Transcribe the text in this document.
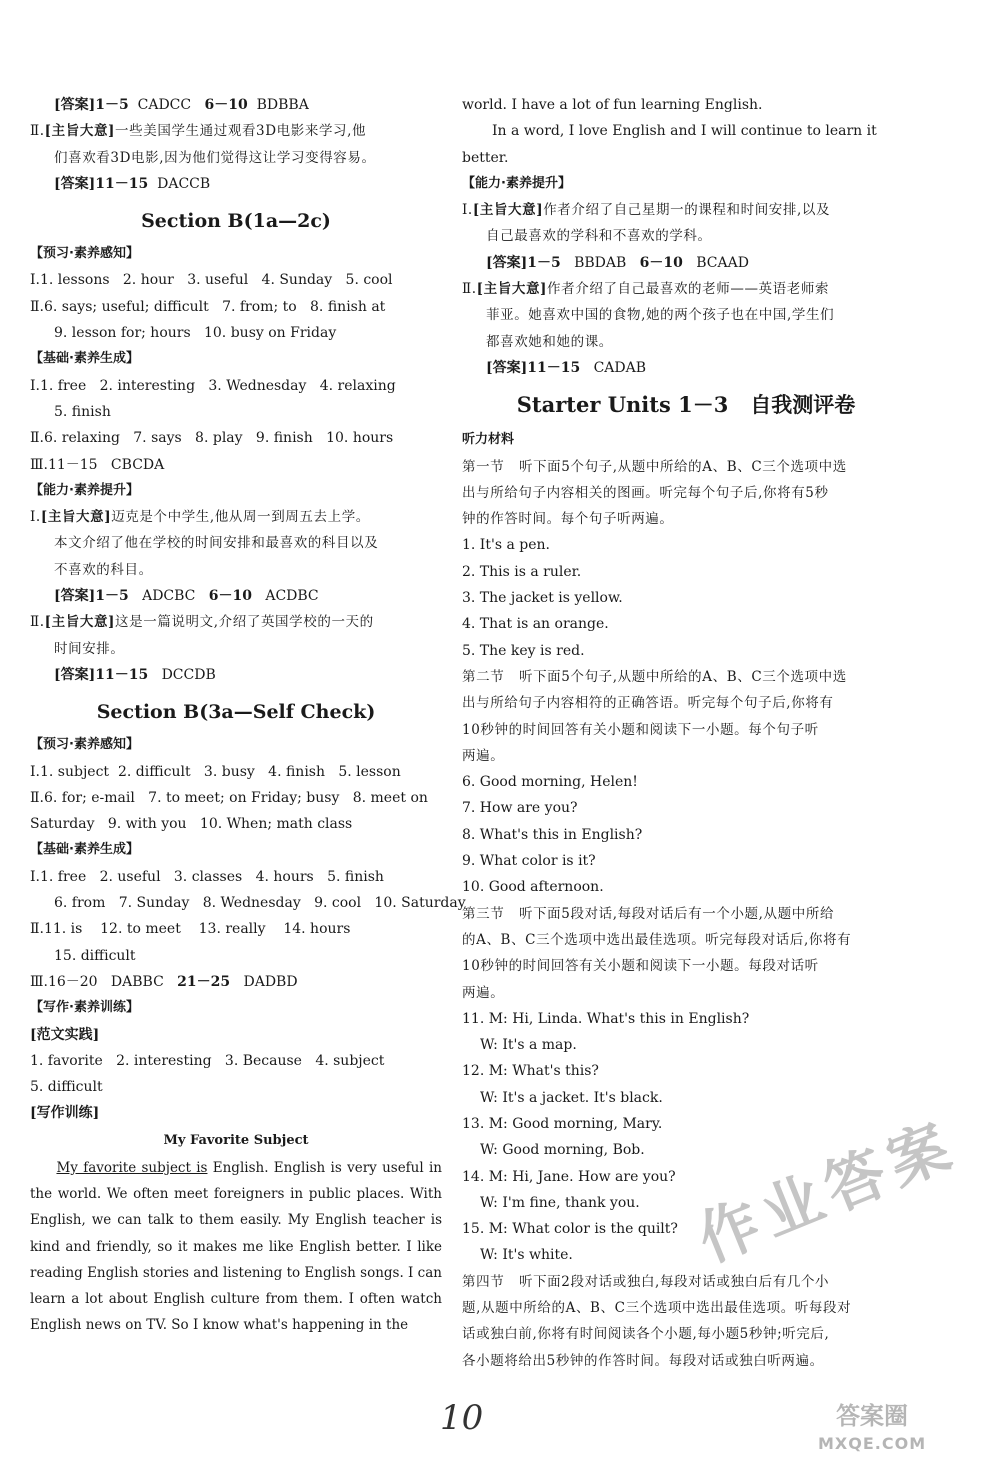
[答案]1－5  CADCC   6－10  BDBBA
Ⅱ.[主旨大意]一些美国学生通过观看3D电影来学习,他
们喜欢看3D电影,因为他们觉得这让学习变得容易。
[答案]11－15  DACCB
Section B(1a—2c)
【预习·素养感知】
Ⅰ.1. lessons   2. hour   3. useful   4. Sunday   5. cool
Ⅱ.6. says; useful; difficult   7. from; to   8. finish at
9. lesson for; hours   10. busy on Friday
【基础·素养生成】
Ⅰ.1. free   2. interesting   3. Wednesday   4. relaxing
5. finish
Ⅱ.6. relaxing   7. says   8. play   9. finish   10. hours
Ⅲ.11－15   CBCDA
【能力·素养提升】
Ⅰ.[主旨大意]迈克是个中学生,他从周一到周五去上学。
本文介绍了他在学校的时间安排和最喜欢的科目以及
不喜欢的科目。
[答案]1－5   ADCBC   6－10   ACDBC
Ⅱ.[主旨大意]这是一篇说明文,介绍了英国学校的一天的
时间安排。
[答案]11－15   DCCDB
Section B(3a—Self Check)
【预习·素养感知】
Ⅰ.1. subject  2. difficult   3. busy   4. finish   5. lesson
Ⅱ.6. for; e-mail   7. to meet; on Friday; busy   8. meet on
Saturday   9. with you   10. When; math class
【基础·素养生成】
Ⅰ.1. free   2. useful   3. classes   4. hours   5. finish
6. from   7. Sunday   8. Wednesday   9. cool   10. Saturday
Ⅱ.11. is    12. to meet    13. really    14. hours
15. difficult
Ⅲ.16－20   DABBC   21－25   DADBD
【写作·素养训练】
[范文实践]
1. favorite   2. interesting   3. Because   4. subject
5. difficult
[写作训练]
My Favorite Subject
My favorite subject is English. English is very useful in the world. We often meet foreigners in public places. With English, we can talk to them easily. My English teacher is kind and friendly, so it makes me like English better. I like reading English stories and listening to English songs. I can learn a lot about English culture from them. I often watch English news on TV. So I know what's happening in the
world. I have a lot of fun learning English.
In a word, I love English and I will continue to learn it
better.
【能力·素养提升】
Ⅰ.[主旨大意]作者介绍了自己星期一的课程和时间安排,以及
自己最喜欢的学科和不喜欢的学科。
[答案]1－5   BBDAB   6－10   BCAAD
Ⅱ.[主旨大意]作者介绍了自己最喜欢的老师——英语老师索
菲亚。她喜欢中国的食物,她的两个孩子也在中国,学生们
都喜欢她和她的课。
[答案]11－15   CADAB
Starter Units 1－3   自我测评卷
听力材料
第一节   听下面5个句子,从题中所给的A、B、C三个选项中选
出与所给句子内容相关的图画。听完每个句子后,你将有5秒
钟的作答时间。每个句子听两遍。
1. It's a pen.
2. This is a ruler.
3. The jacket is yellow.
4. That is an orange.
5. The key is red.
第二节   听下面5个句子,从题中所给的A、B、C三个选项中选
出与所给句子内容相符的正确答语。听完每个句子后,你将有
10秒钟的时间回答有关小题和阅读下一小题。每个句子听
两遍。
6. Good morning, Helen!
7. How are you?
8. What's this in English?
9. What color is it?
10. Good afternoon.
第三节   听下面5段对话,每段对话后有一个小题,从题中所给
的A、B、C三个选项中选出最佳选项。听完每段对话后,你将有
10秒钟的时间回答有关小题和阅读下一小题。每段对话听
两遍。
11. M: Hi, Linda. What's this in English?
W: It's a map.
12. M: What's this?
W: It's a jacket. It's black.
13. M: Good morning, Mary.
W: Good morning, Bob.
14. M: Hi, Jane. How are you?
W: I'm fine, thank you.
15. M: What color is the quilt?
W: It's white.
第四节   听下面2段对话或独白,每段对话或独白后有几个小
题,从题中所给的A、B、C三个选项中选出最佳选项。听每段对
话或独白前,你将有时间阅读各个小题,每小题5秒钟;听完后,
各小题将给出5秒钟的作答时间。每段对话或独白听两遍。
10
作业答案
答案圈
MXQE.COM
